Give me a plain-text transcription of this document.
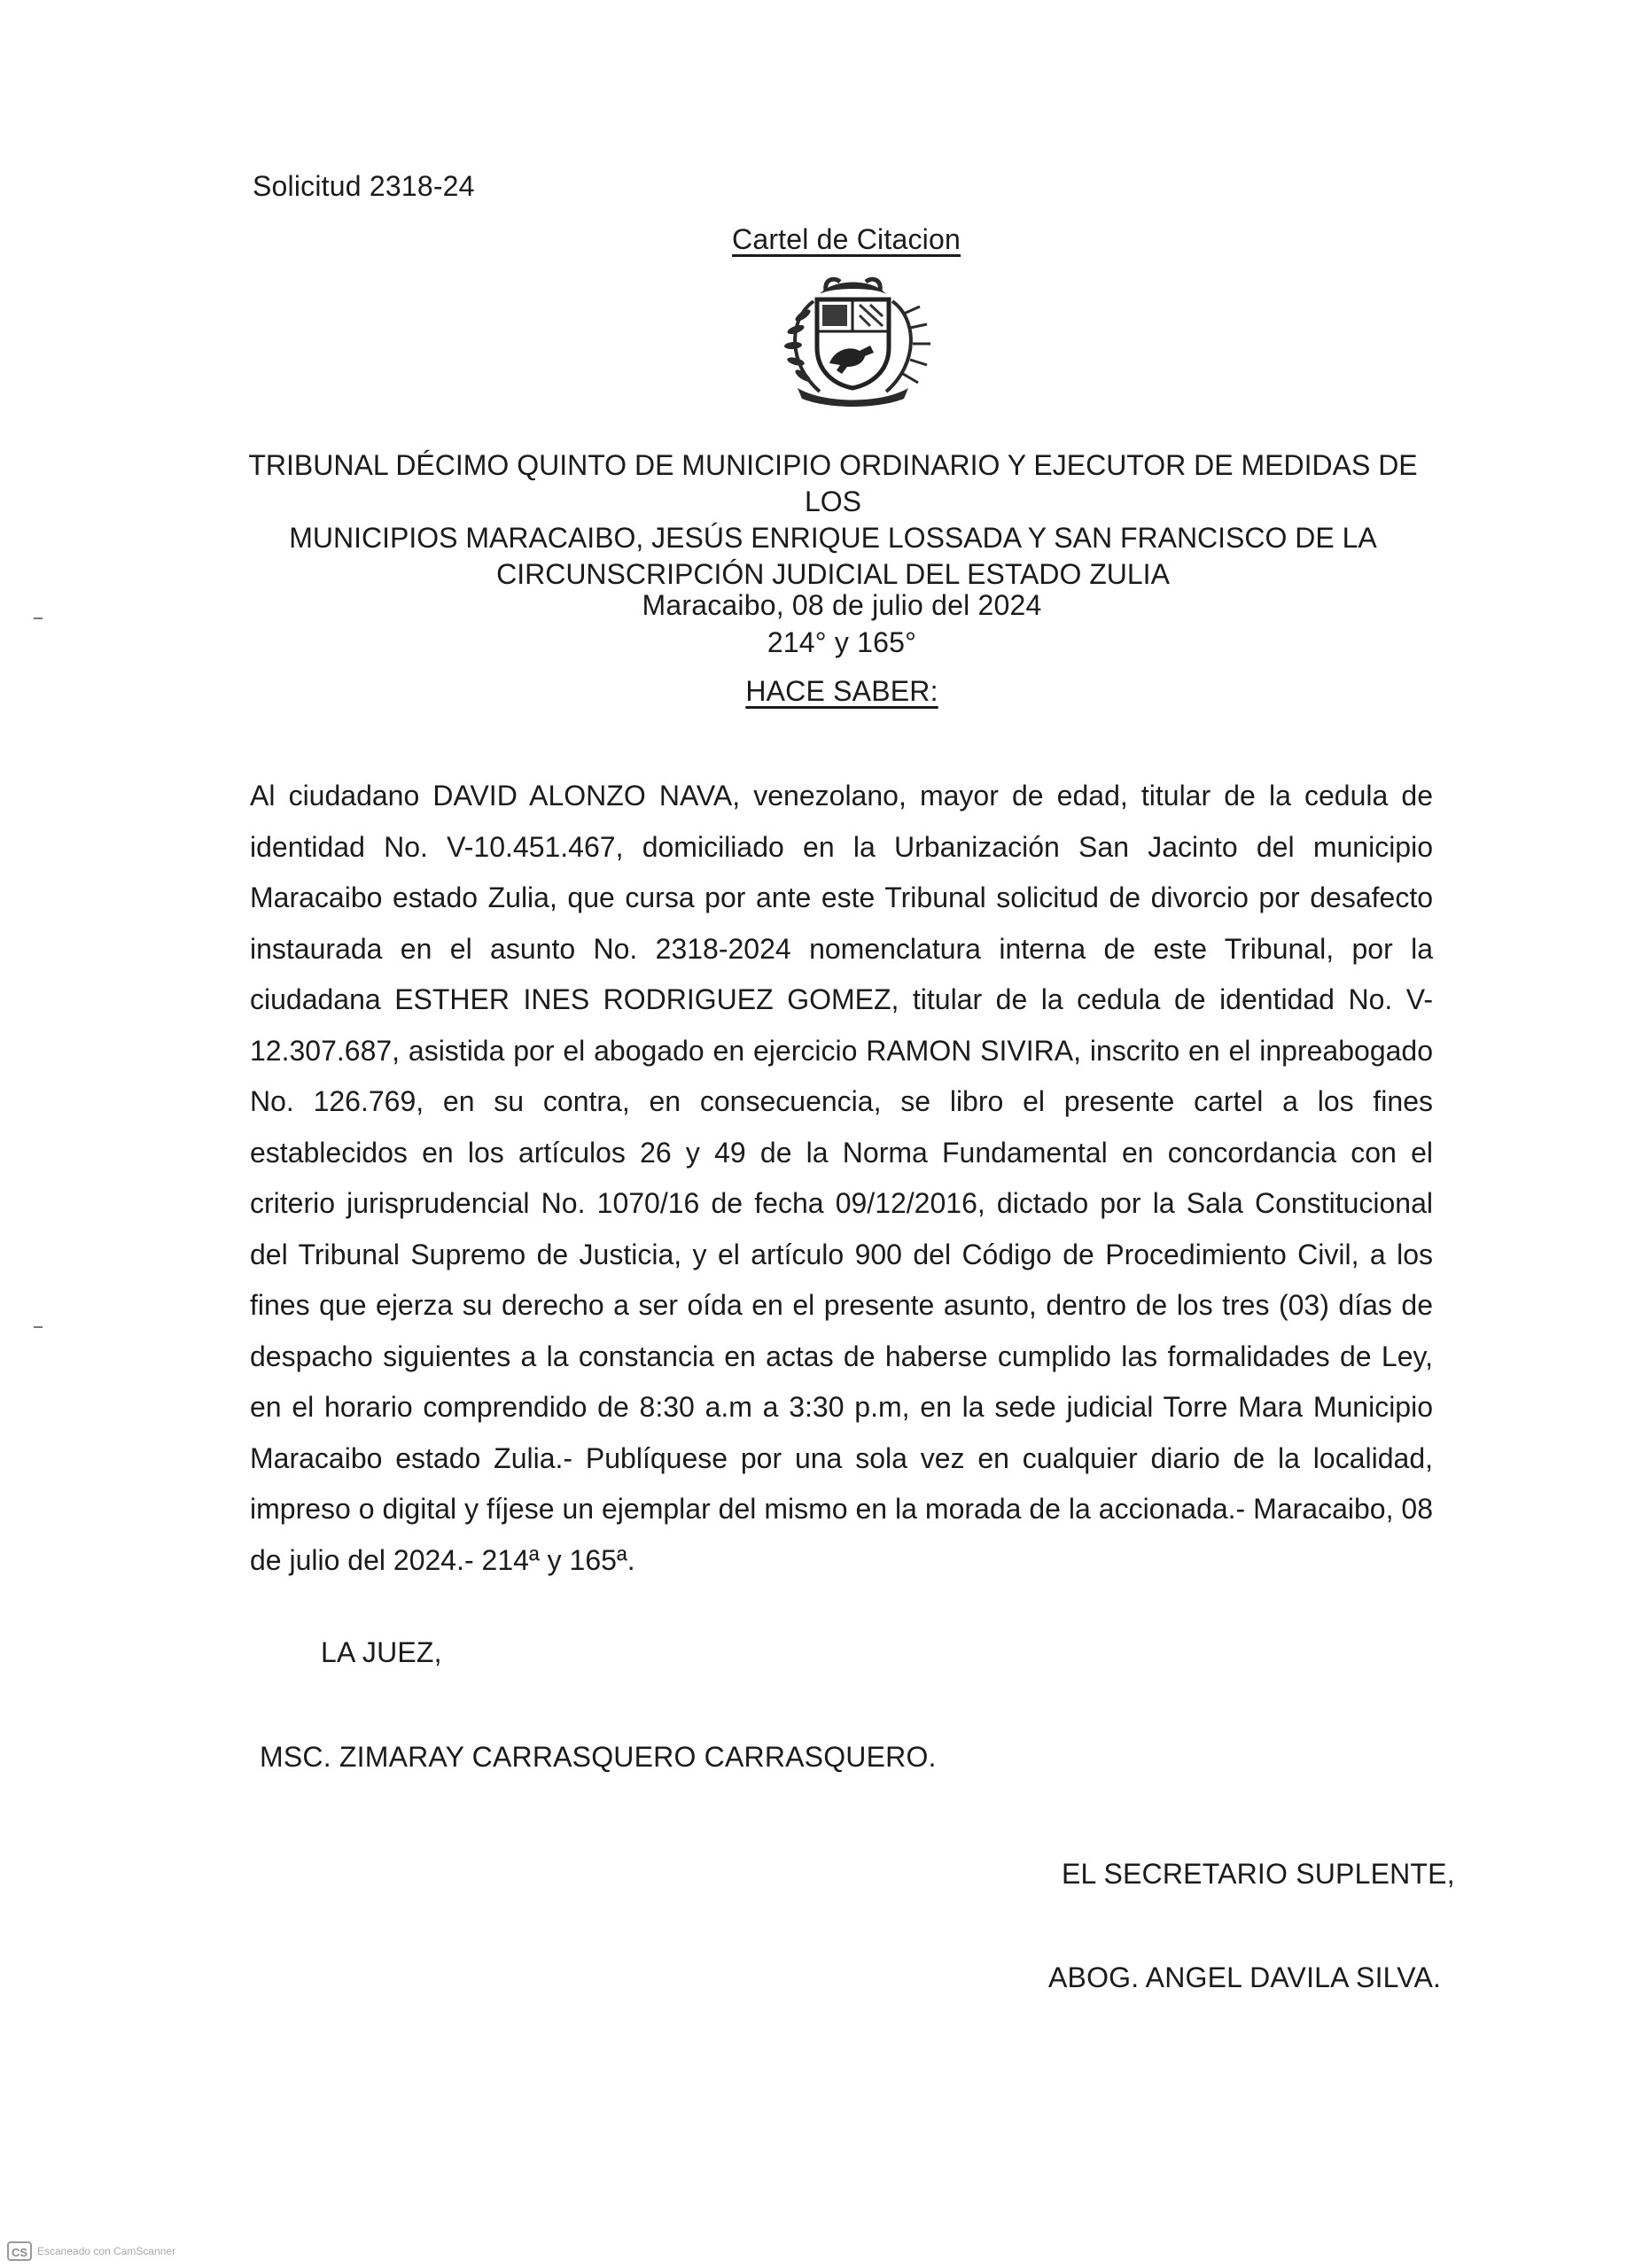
Solicitud 2318-24
Cartel de Citacion
TRIBUNAL DÉCIMO QUINTO DE MUNICIPIO ORDINARIO Y EJECUTOR DE MEDIDAS DE LOS
MUNICIPIOS MARACAIBO, JESÚS ENRIQUE LOSSADA Y SAN FRANCISCO DE LA
CIRCUNSCRIPCIÓN JUDICIAL DEL ESTADO ZULIA
Maracaibo, 08 de julio del 2024
214° y 165°
HACE SABER:
Al ciudadano DAVID ALONZO NAVA, venezolano, mayor de edad, titular de la cedula de identidad No. V-10.451.467, domiciliado en la Urbanización San Jacinto del municipio Maracaibo estado Zulia, que cursa por ante este Tribunal solicitud de divorcio por desafecto instaurada en el asunto No. 2318-2024 nomenclatura interna de este Tribunal, por la ciudadana ESTHER INES RODRIGUEZ GOMEZ, titular de la cedula de identidad No. V-12.307.687, asistida por el abogado en ejercicio RAMON SIVIRA, inscrito en el inpreabogado No. 126.769, en su contra, en consecuencia, se libro el presente cartel a los fines establecidos en los artículos 26 y 49 de la Norma Fundamental en concordancia con el criterio jurisprudencial No. 1070/16 de fecha 09/12/2016, dictado por la Sala Constitucional del Tribunal Supremo de Justicia, y el artículo 900 del Código de Procedimiento Civil, a los fines que ejerza su derecho a ser oída en el presente asunto, dentro de los tres (03) días de despacho siguientes a la constancia en actas de haberse cumplido las formalidades de Ley, en el horario comprendido de 8:30 a.m a 3:30 p.m, en la sede judicial Torre Mara Municipio Maracaibo estado Zulia.- Publíquese por una sola vez en cualquier diario de la localidad, impreso o digital y fíjese un ejemplar del mismo en la morada de la accionada.- Maracaibo, 08 de julio del 2024.- 214ª y 165ª.
LA JUEZ,
MSC. ZIMARAY CARRASQUERO CARRASQUERO.
EL SECRETARIO SUPLENTE,
ABOG. ANGEL DAVILA SILVA.
CS Escaneado con CamScanner
